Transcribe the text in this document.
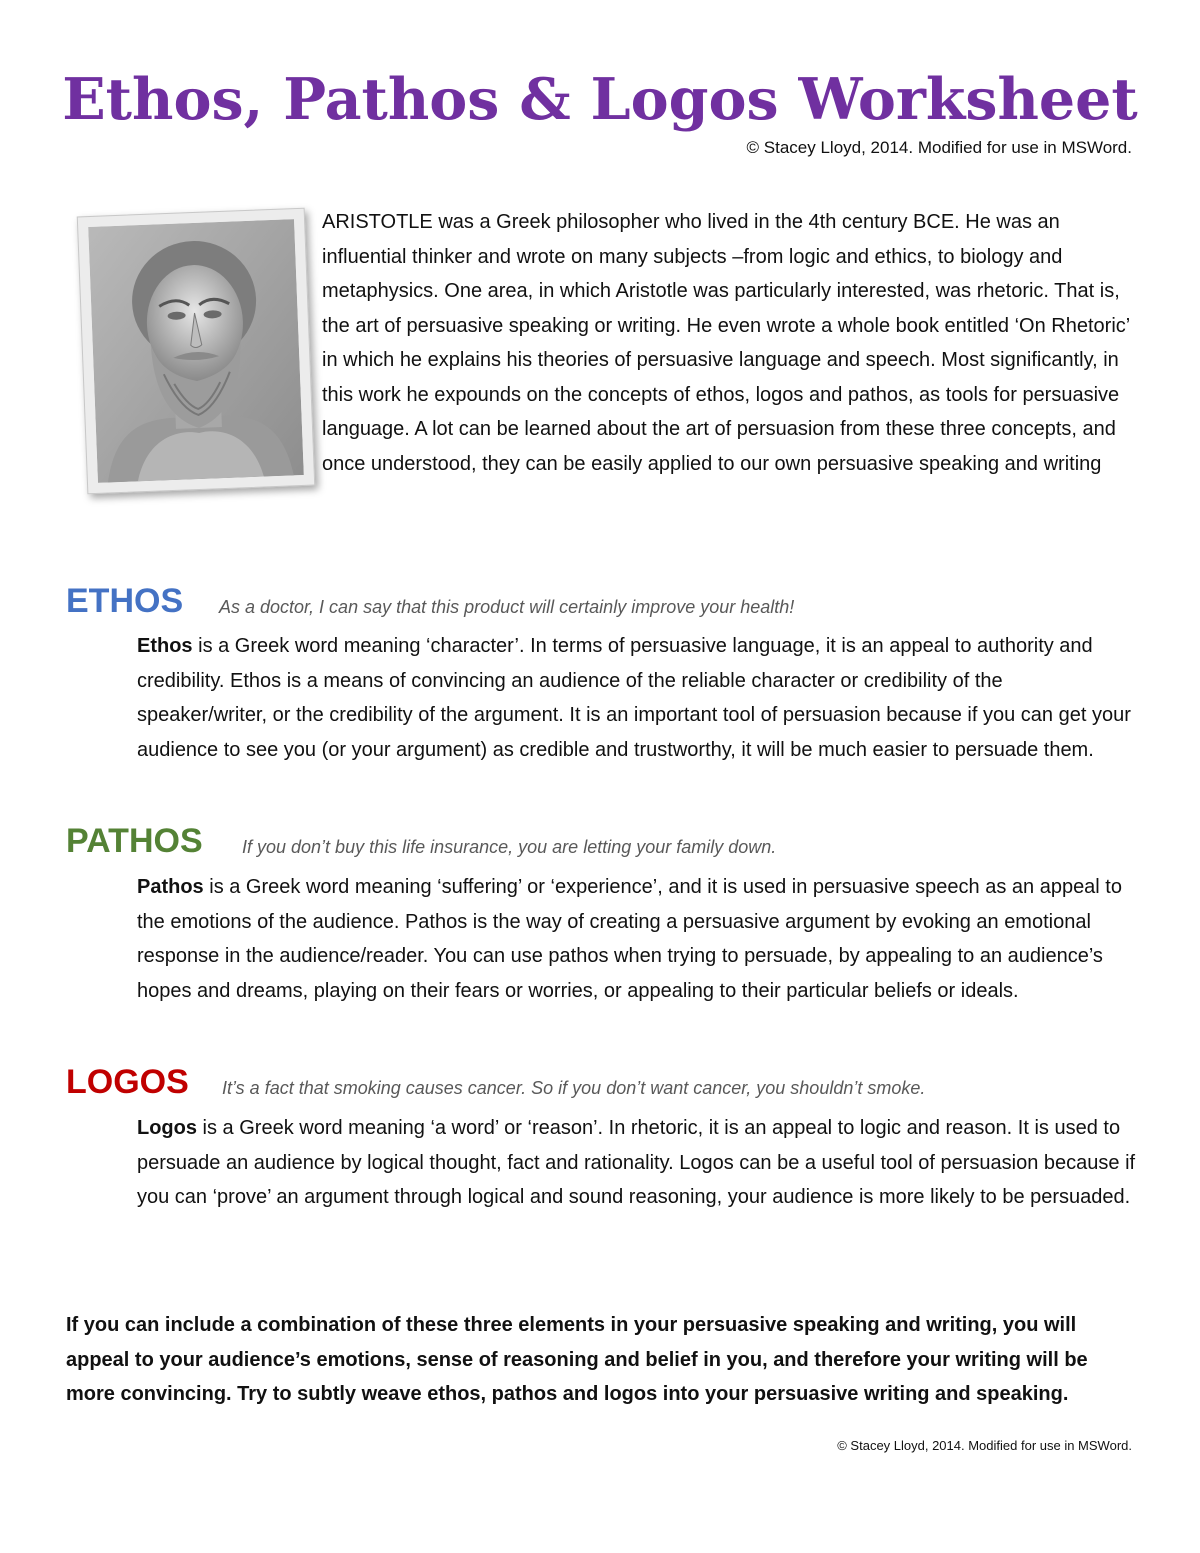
Ethos, Pathos & Logos Worksheet
© Stacey Lloyd, 2014. Modified for use in MSWord.
ARISTOTLE was a Greek philosopher who lived in the 4th century BCE. He was an influential thinker and wrote on many subjects –from logic and ethics, to biology and metaphysics. One area, in which Aristotle was particularly interested, was rhetoric. That is, the art of persuasive speaking or writing. He even wrote a whole book entitled ‘On Rhetoric’ in which he explains his theories of persuasive language and speech. Most significantly, in this work he expounds on the concepts of ethos, logos and pathos, as tools for persuasive language. A lot can be learned about the art of persuasion from these three concepts, and once understood, they can be easily applied to our own persuasive speaking and writing
ETHOS As a doctor, I can say that this product will certainly improve your health!
Ethos is a Greek word meaning ‘character’. In terms of persuasive language, it is an appeal to authority and credibility. Ethos is a means of convincing an audience of the reliable character or credibility of the speaker/writer, or the credibility of the argument. It is an important tool of persuasion because if you can get your audience to see you (or your argument) as credible and trustworthy, it will be much easier to persuade them.
PATHOS If you don’t buy this life insurance, you are letting your family down.
Pathos is a Greek word meaning ‘suffering’ or ‘experience’, and it is used in persuasive speech as an appeal to the emotions of the audience. Pathos is the way of creating a persuasive argument by evoking an emotional response in the audience/reader. You can use pathos when trying to persuade, by appealing to an audience’s hopes and dreams, playing on their fears or worries, or appealing to their particular beliefs or ideals.
LOGOS It’s a fact that smoking causes cancer. So if you don’t want cancer, you shouldn’t smoke.
Logos is a Greek word meaning ‘a word’ or ‘reason’. In rhetoric, it is an appeal to logic and reason. It is used to persuade an audience by logical thought, fact and rationality. Logos can be a useful tool of persuasion because if you can ‘prove’ an argument through logical and sound reasoning, your audience is more likely to be persuaded.
If you can include a combination of these three elements in your persuasive speaking and writing, you will appeal to your audience’s emotions, sense of reasoning and belief in you, and therefore your writing will be more convincing. Try to subtly weave ethos, pathos and logos into your persuasive writing and speaking.
© Stacey Lloyd, 2014. Modified for use in MSWord.
